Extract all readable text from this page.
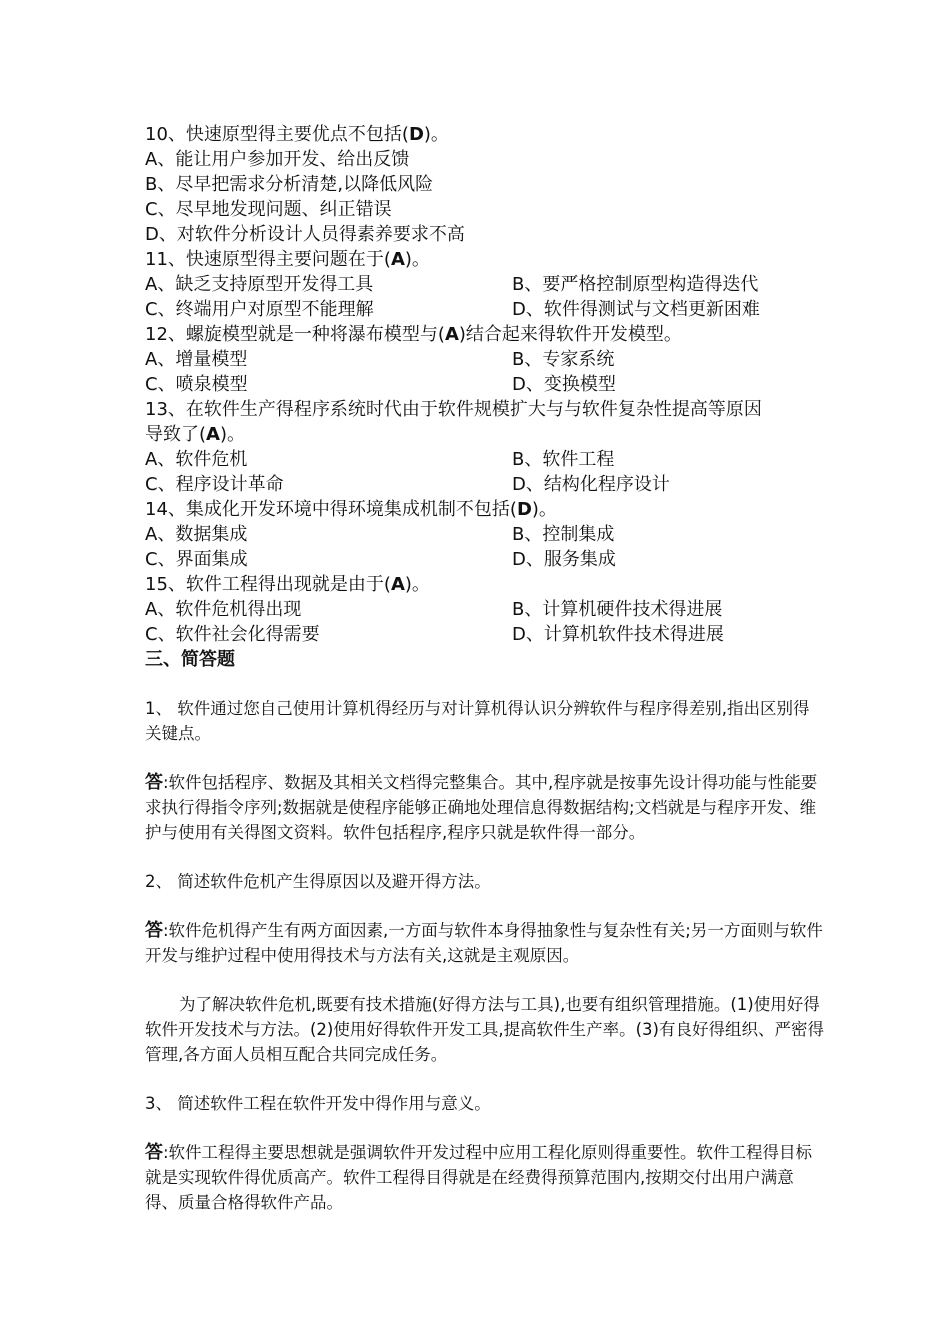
10、快速原型得主要优点不包括(D)。
A、能让用户参加开发、给出反馈
B、尽早把需求分析清楚,以降低风险
C、尽早地发现问题、纠正错误
D、对软件分析设计人员得素养要求不高
11、快速原型得主要问题在于(A)。
A、缺乏支持原型开发得工具	B、要严格控制原型构造得迭代
C、终端用户对原型不能理解	D、软件得测试与文档更新困难
12、螺旋模型就是一种将瀑布模型与(A)结合起来得软件开发模型。
A、增量模型	B、专家系统
C、喷泉模型	D、变换模型
13、在软件生产得程序系统时代由于软件规模扩大与与软件复杂性提高等原因
导致了(A)。
A、软件危机	B、软件工程
C、程序设计革命	D、结构化程序设计
14、集成化开发环境中得环境集成机制不包括(D)。
A、数据集成	B、控制集成
C、界面集成	D、服务集成
15、软件工程得出现就是由于(A)。
A、软件危机得出现	B、计算机硬件技术得进展
C、软件社会化得需要	D、计算机软件技术得进展
三、简答题
1、 软件通过您自己使用计算机得经历与对计算机得认识分辨软件与程序得差别,指出区别得关键点。
答:软件包括程序、数据及其相关文档得完整集合。其中,程序就是按事先设计得功能与性能要求执行得指令序列;数据就是使程序能够正确地处理信息得数据结构;文档就是与程序开发、维护与使用有关得图文资料。软件包括程序,程序只就是软件得一部分。
2、 简述软件危机产生得原因以及避开得方法。
答:软件危机得产生有两方面因素,一方面与软件本身得抽象性与复杂性有关;另一方面则与软件开发与维护过程中使用得技术与方法有关,这就是主观原因。
为了解决软件危机,既要有技术措施(好得方法与工具),也要有组织管理措施。(1)使用好得软件开发技术与方法。(2)使用好得软件开发工具,提高软件生产率。(3)有良好得组织、严密得管理,各方面人员相互配合共同完成任务。
3、 简述软件工程在软件开发中得作用与意义。
答:软件工程得主要思想就是强调软件开发过程中应用工程化原则得重要性。软件工程得目标就是实现软件得优质高产。软件工程得目得就是在经费得预算范围内,按期交付出用户满意得、质量合格得软件产品。
